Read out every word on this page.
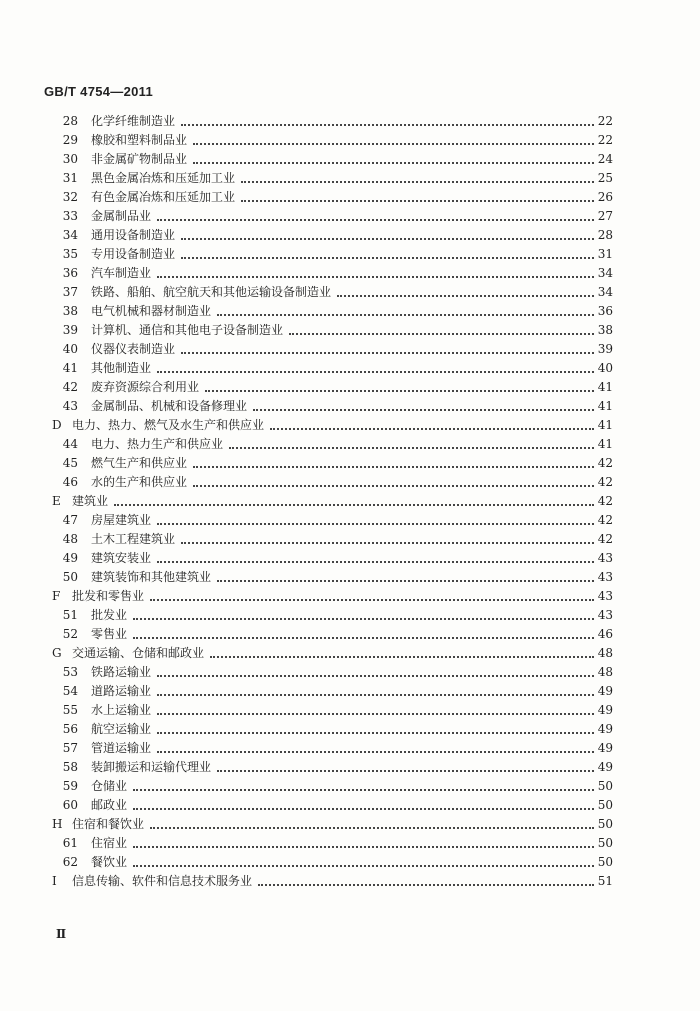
GB/T 4754—2011
28 化学纤维制造业	22
29 橡胶和塑料制品业	22
30 非金属矿物制品业	24
31 黑色金属冶炼和压延加工业	25
32 有色金属冶炼和压延加工业	26
33 金属制品业	27
34 通用设备制造业	28
35 专用设备制造业	31
36 汽车制造业	34
37 铁路、船舶、航空航天和其他运输设备制造业	34
38 电气机械和器材制造业	36
39 计算机、通信和其他电子设备制造业	38
40 仪器仪表制造业	39
41 其他制造业	40
42 废弃资源综合利用业	41
43 金属制品、机械和设备修理业	41
D 电力、热力、燃气及水生产和供应业	41
44 电力、热力生产和供应业	41
45 燃气生产和供应业	42
46 水的生产和供应业	42
E 建筑业	42
47 房屋建筑业	42
48 土木工程建筑业	42
49 建筑安装业	43
50 建筑装饰和其他建筑业	43
F 批发和零售业	43
51 批发业	43
52 零售业	46
G 交通运输、仓储和邮政业	48
53 铁路运输业	48
54 道路运输业	49
55 水上运输业	49
56 航空运输业	49
57 管道运输业	49
58 装卸搬运和运输代理业	49
59 仓储业	50
60 邮政业	50
H 住宿和餐饮业	50
61 住宿业	50
62 餐饮业	50
I	信息传输、软件和信息技术服务业	51
Ⅱ
